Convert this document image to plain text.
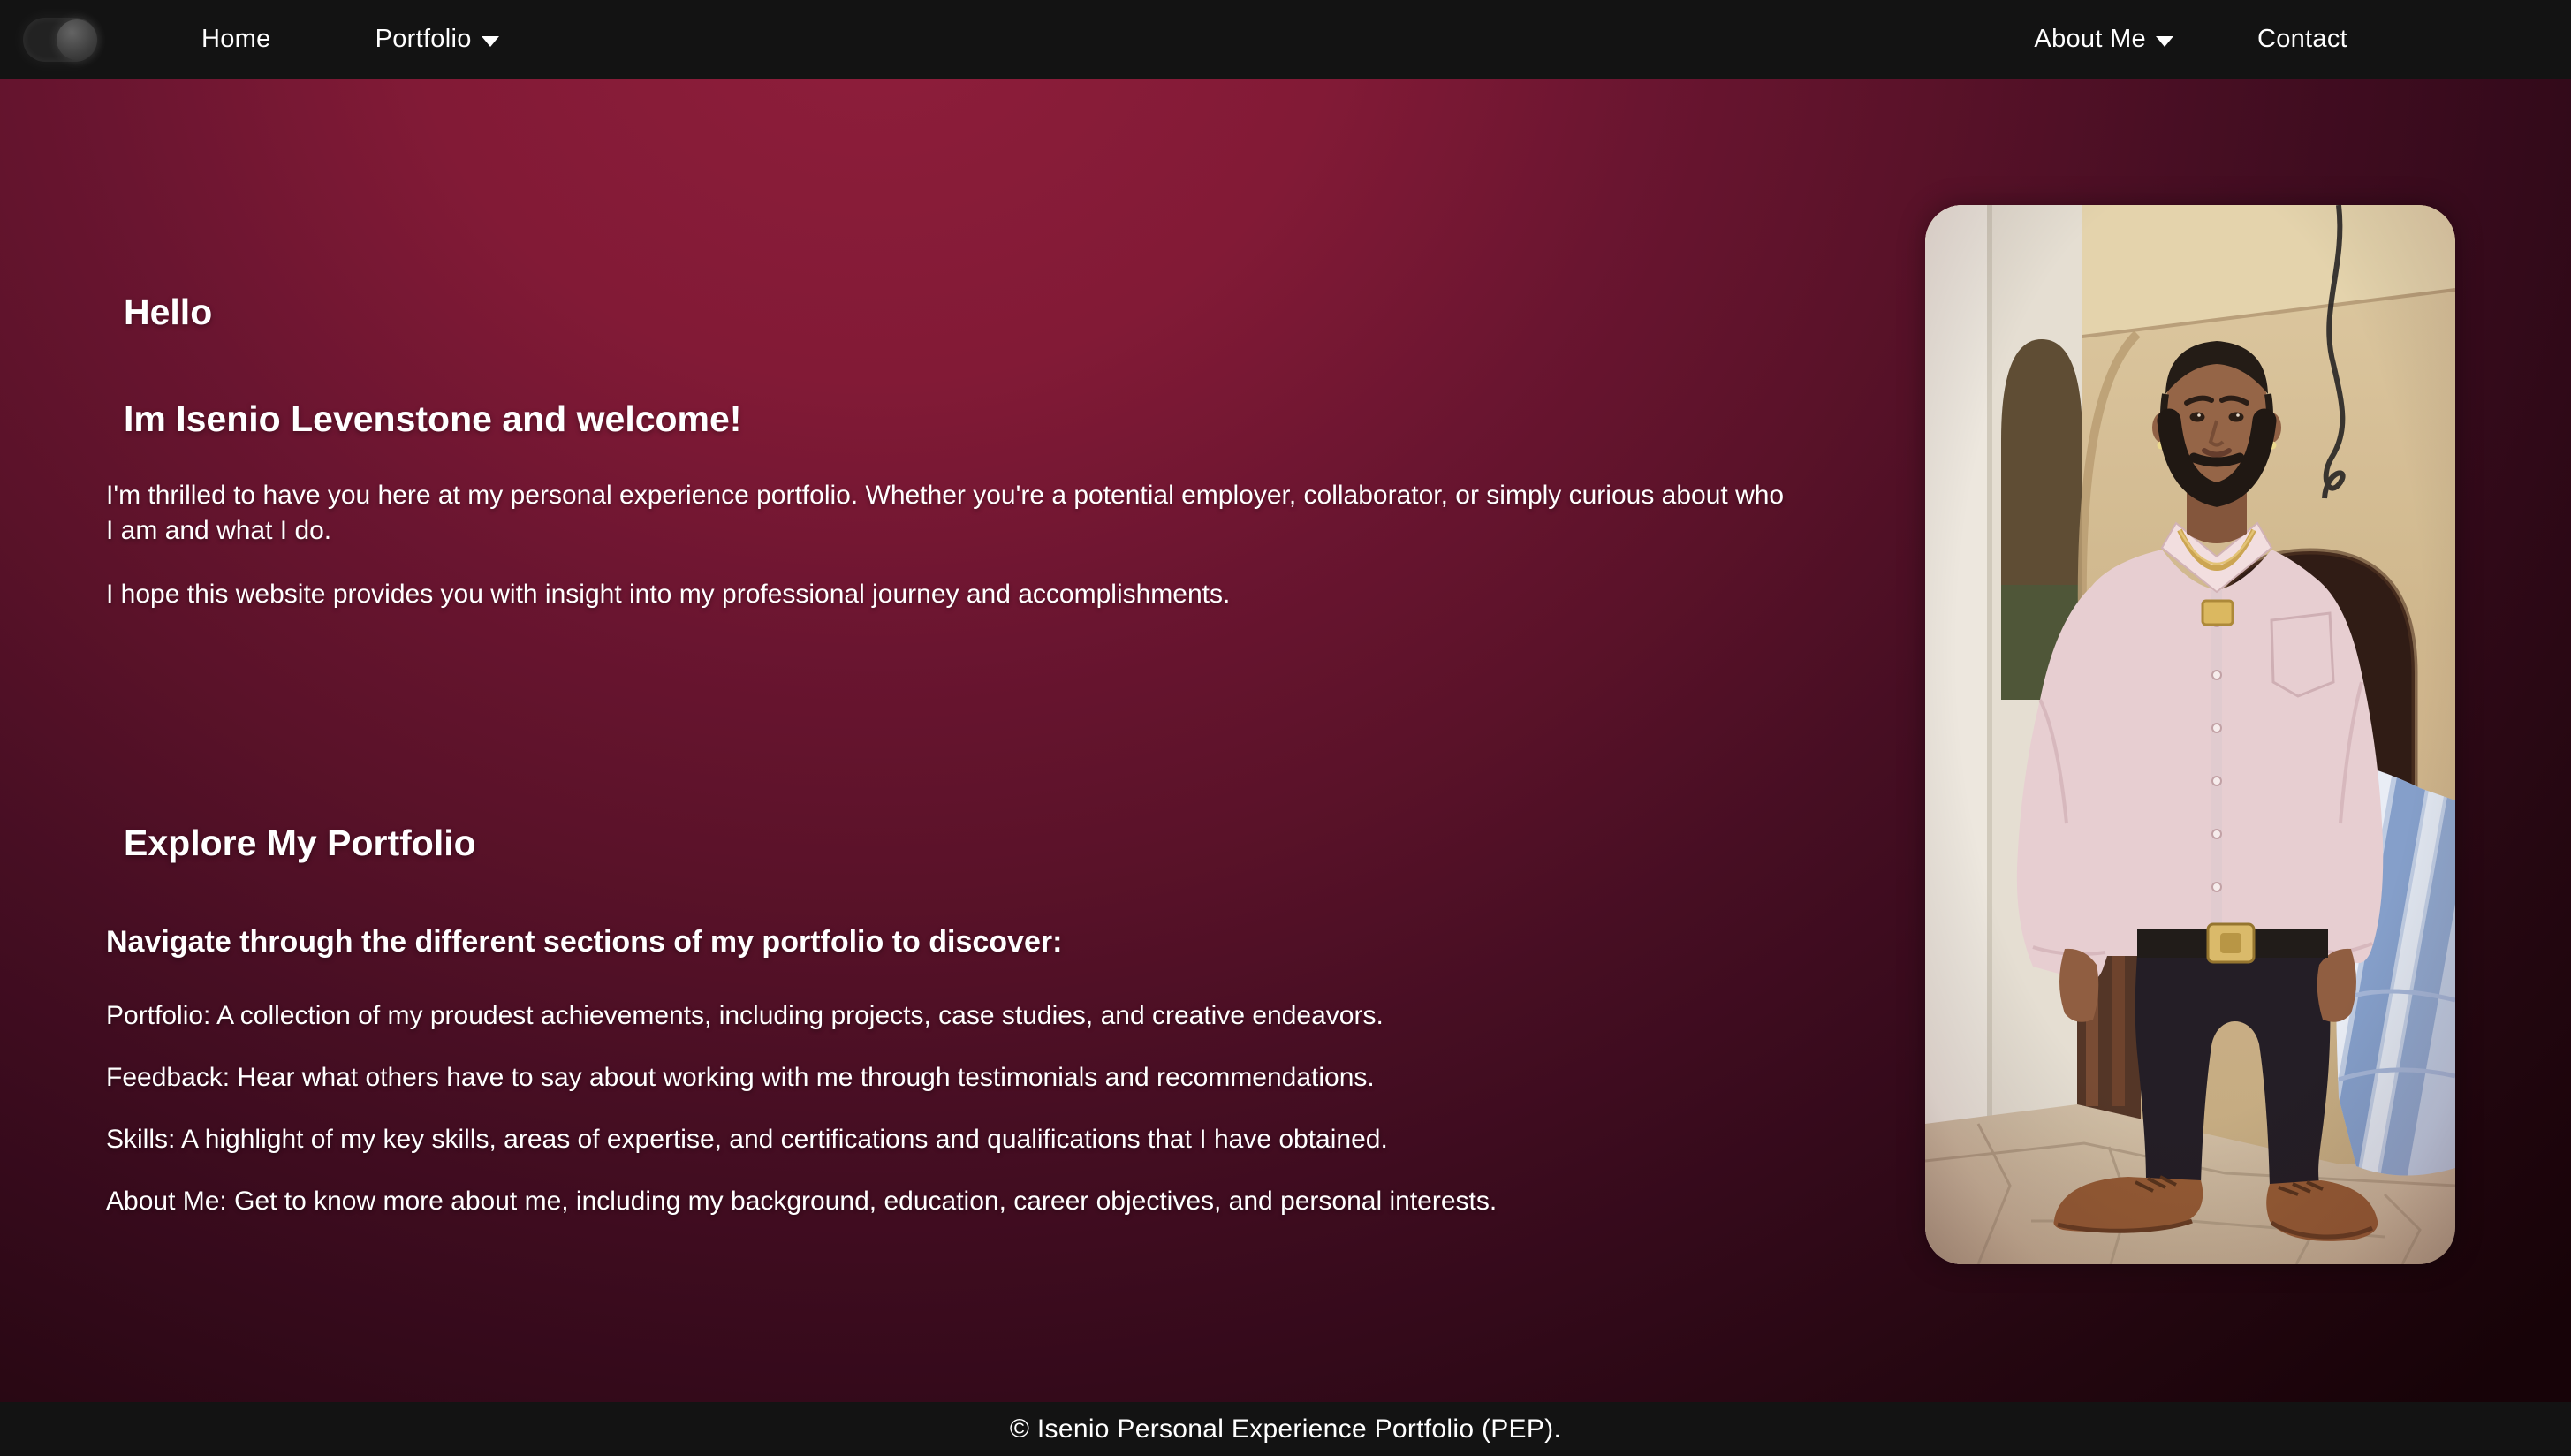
Home	Portfolio	About Me	Contact
Hello
Im Isenio Levenstone and welcome!

I'm thrilled to have you here at my personal experience portfolio. Whether you're a potential employer, collaborator, or simply curious about who I am and what I do.

I hope this website provides you with insight into my professional journey and accomplishments.

Explore My Portfolio
Navigate through the different sections of my portfolio to discover:

Portfolio: A collection of my proudest achievements, including projects, case studies, and creative endeavors.

Feedback: Hear what others have to say about working with me through testimonials and recommendations.

Skills: A highlight of my key skills, areas of expertise, and certifications and qualifications that I have obtained.

About Me: Get to know more about me, including my background, education, career objectives, and personal interests.

© Isenio Personal Experience Portfolio (PEP).
